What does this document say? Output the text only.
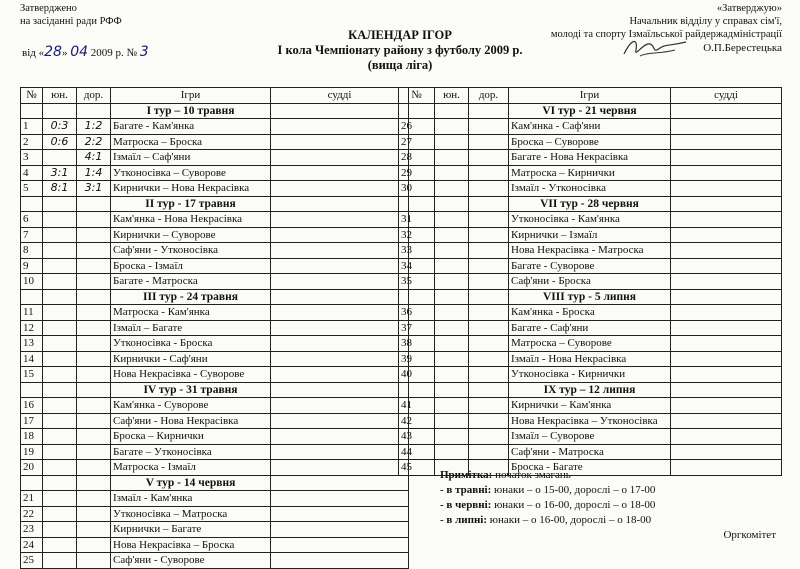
Затверджено
на засіданні ради РФФ
«Затверджую»
Начальник відділу у справах сім'ї,
молоді та спорту Ізмаїльської райдержадміністрації
КАЛЕНДАР ІГОР
І кола Чемпіонату району з футболу 2009 р.
(вища ліга)
від «28» 04 2009 р. № 3	О.П.Берестецька
№	юн.	дор.	Ігри	судді
			І тур – 10 травня	
1	0:3	1:2	Багате - Кам'янка	
2	0:6	2:2	Матроска – Броска	
3		4:1	Ізмаїл – Саф'яни	
4	3:1	1:4	Утконосівка – Суворове	
5	8:1	3:1	Кирнички – Нова Некрасівка	
			ІІ тур - 17 травня	
6			Кам'янка - Нова Некрасівка	
7			Кирнички – Суворове	
8			Саф'яни - Утконосівка	
9			Броска - Ізмаїл	
10			Багате - Матроска	
			ІІІ тур - 24 травня	
11			Матроска - Кам'янка	
12			Ізмаїл – Багате	
13			Утконосівка - Броска	
14			Кирнички - Саф'яни	
15			Нова Некрасівка - Суворове	
			ІV тур - 31 травня	
16			Кам'янка - Суворове	
17			Саф'яни - Нова Некрасівка	
18			Броска – Кирнички	
19			Багате – Утконосівка	
20			Матроска - Ізмаїл	
			V тур - 14 червня	
21			Ізмаїл - Кам'янка	
22			Утконосівка – Матроска	
23			Кирнички – Багате	
24			Нова Некрасівка – Броска	
25			Саф'яни - Суворове	
№	юн.	дор.	Ігри	судді
			VІ тур - 21 червня	
26			Кам'янка - Саф'яни	
27			Броска – Суворове	
28			Багате - Нова Некрасівка	
29			Матроска – Кирнички	
30			Ізмаїл - Утконосівка	
			VІІ тур - 28 червня	
31			Утконосівка - Кам'янка	
32			Кирнички – Ізмаїл	
33			Нова Некрасівка - Матроска	
34			Багате - Суворове	
35			Саф'яни - Броска	
			VІІІ тур - 5 липня	
36			Кам'янка - Броска	
37			Багате - Саф'яни	
38			Матроска – Суворове	
39			Ізмаїл - Нова Некрасівка	
40			Утконосівка - Кирнички	
			ІХ тур – 12 липня	
41			Кирнички – Кам'янка	
42			Нова Некрасівка – Утконосівка	
43			Ізмаїл – Суворове	
44			Саф'яни - Матроска	
45			Броска - Багате	
Примітка: початок змагань
- в травні: юнаки – о 15-00, дорослі – о 17-00
- в червні: юнаки – о 16-00, дорослі – о 18-00
- в липні: юнаки – о 16-00, дорослі – о 18-00
Оргкомітет
